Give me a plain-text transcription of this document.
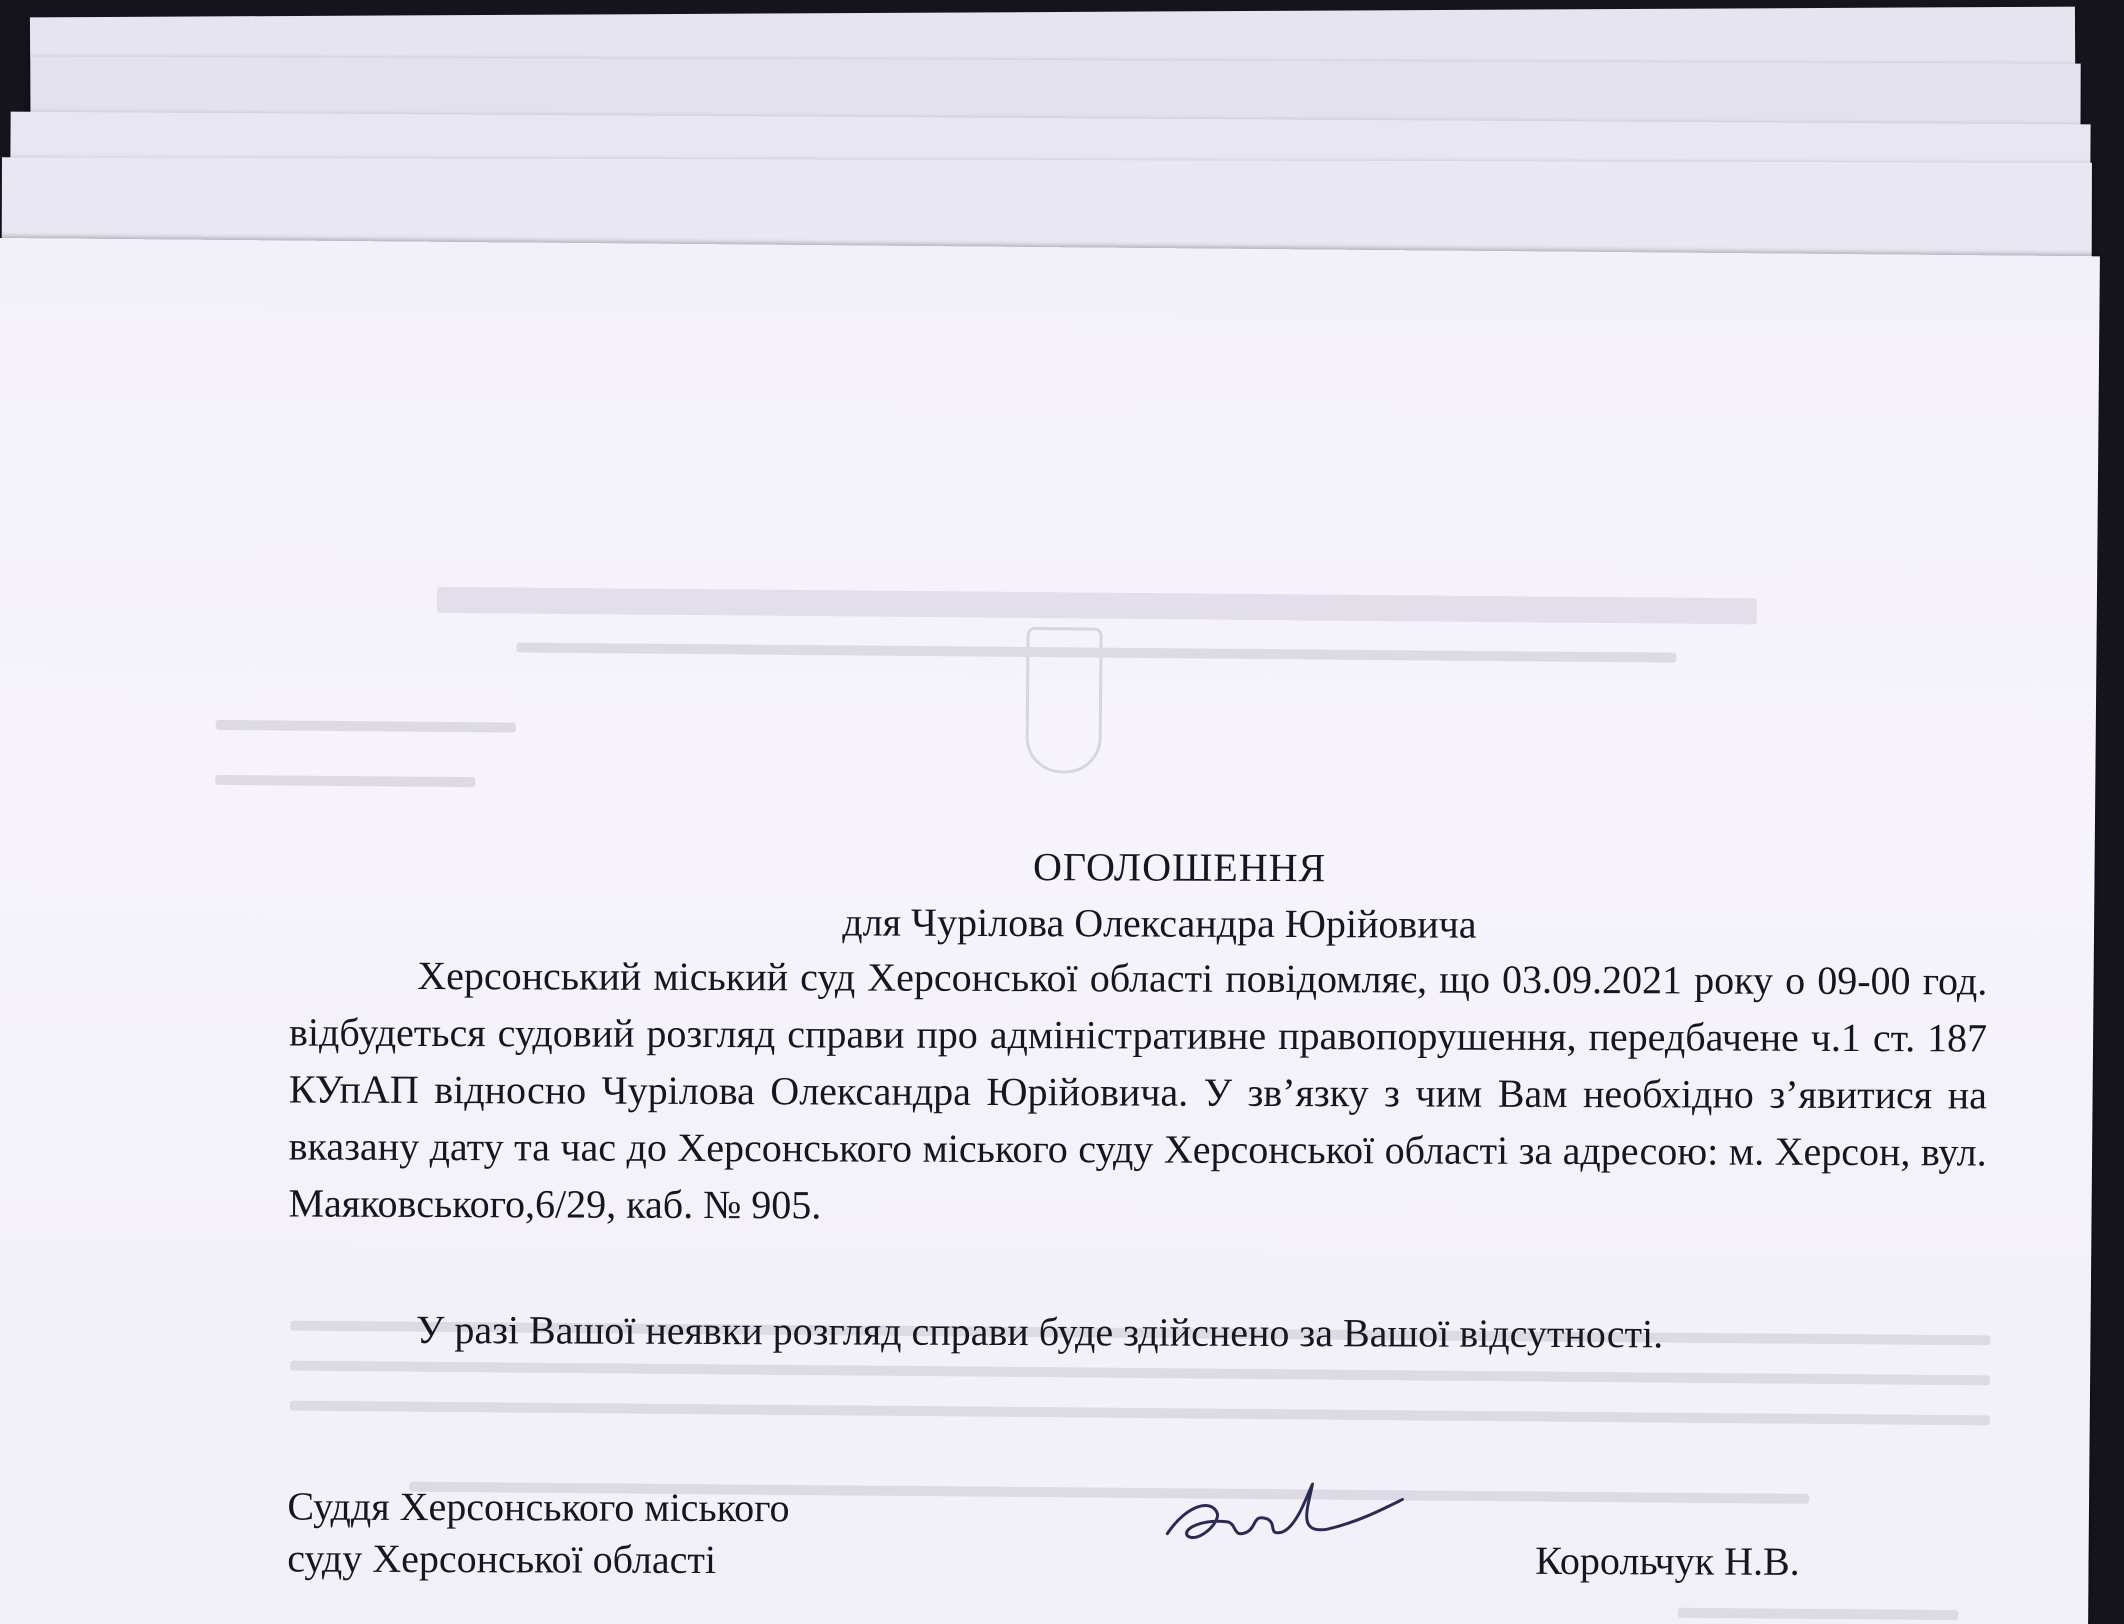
ОГОЛОШЕННЯ
для Чурілова Олександра Юрійовича

Херсонський міський суд Херсонської області повідомляє, що 03.09.2021 року о 09-00 год. відбудеться судовий розгляд справи про адміністративне правопорушення, передбачене ч.1 ст. 187 КУпАП відносно Чурілова Олександра Юрійовича. У зв’язку з чим Вам необхідно з’явитися на вказану дату та час до Херсонського міського суду Херсонської області за адресою: м. Херсон, вул. Маяковського,6/29, каб. № 905.

У разі Вашої неявки розгляд справи буде здійснено за Вашої відсутності.

Суддя Херсонського міського
суду Херсонської області	Корольчук Н.В.
